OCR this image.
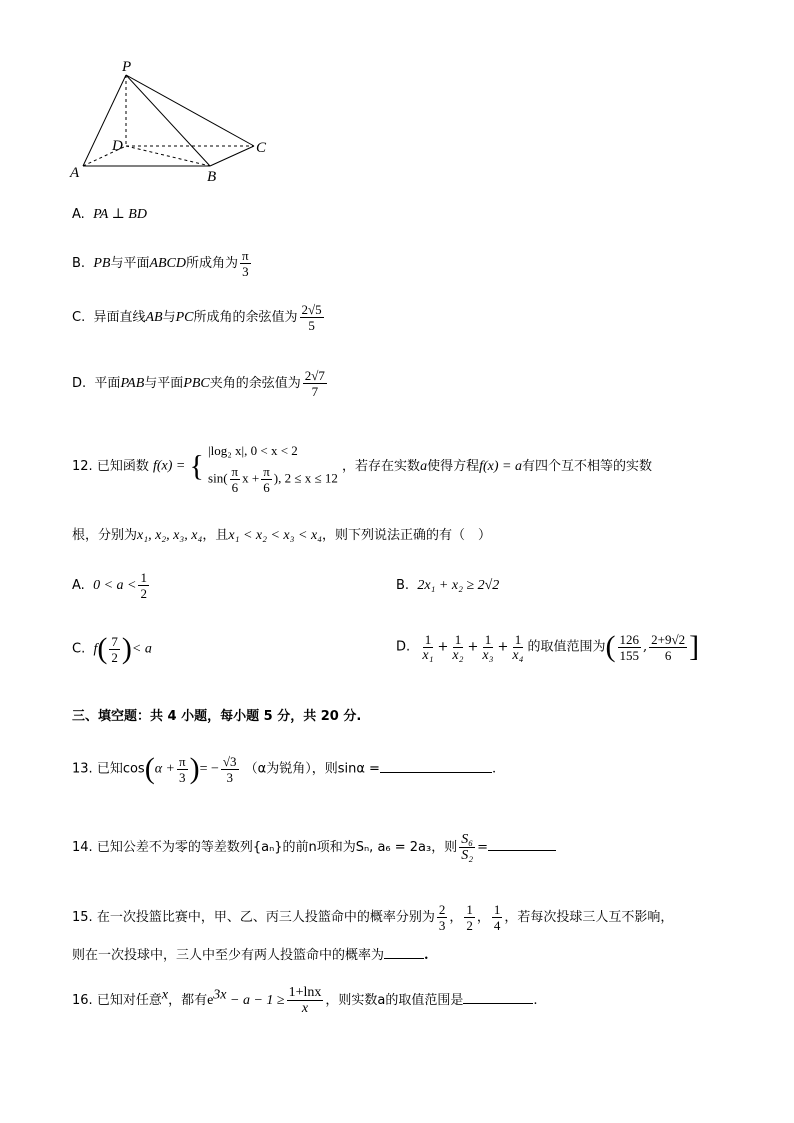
P
A	B
C
D
A. PA ⊥ BD
B. PB与平面ABCD所成角为 $\frac{\pi}{3}$
C. 异面直线AB与PC所成角的余弦值为 $\frac{2√5}{5}$
D. 平面PAB与平面PBC夹角的余弦值为 $\frac{2√7}{7}$
12. 已知函数 f(x) = { |log₂ x|, 0 < x < 2
$\sin( \frac{\pi}{6}$ $x + \frac{\pi}{6}$ ), 2 ≤ x ≤ 12
，若存在实数a使得方程f(x) = a有四个互不相等的实数
根，分别为x₁, x₂, x₃, x₄，且x₁ < x₂ < x₃ < x₄，则下列说法正确的有（　）
A. $0 < a < \frac{1}{2}$	B. 2x₁ + x₂ ≥ 2√2
C. $f( \frac{7}{2}$ )< a	D. $\frac{1}{\text{x₁}} + \frac{1}{\text{x₂}} + \frac{1}{\text{x₃}} + \frac{1}{\text{x₄}}$ 的取值范围为( $\frac{126}{155}$ , $\frac{2+9√2}{6}$ ]
三、填空题：共 4 小题，每小题 5 分，共 20 分.
13. 已知$\cos(\alpha + \frac{\pi}{3}$ )= − $\frac{√3}{3} (\alpha$为锐角），则sinα =	.
14. 已知公差不为零的等差数列{aₙ}的前n项和为Sₙ, a₆ = 2a₃，则 $\frac{\text{S₆}}{\text{S₂}}$ =
15. 在一次投篮比赛中，甲、乙、丙三人投篮命中的概率分别为 $\frac{2}{3}$ ， $\frac{1}{2}$ ， $\frac{1}{4}$ ，若每次投球三人互不影响，
则在一次投球中，三人中至少有两人投篮命中的概率为	.
16. 已知对任意$^x$，都有$e^{3x} - a - 1 \ge \frac{1+\ln x}{x}$ ，则实数a的取值范围是	.
